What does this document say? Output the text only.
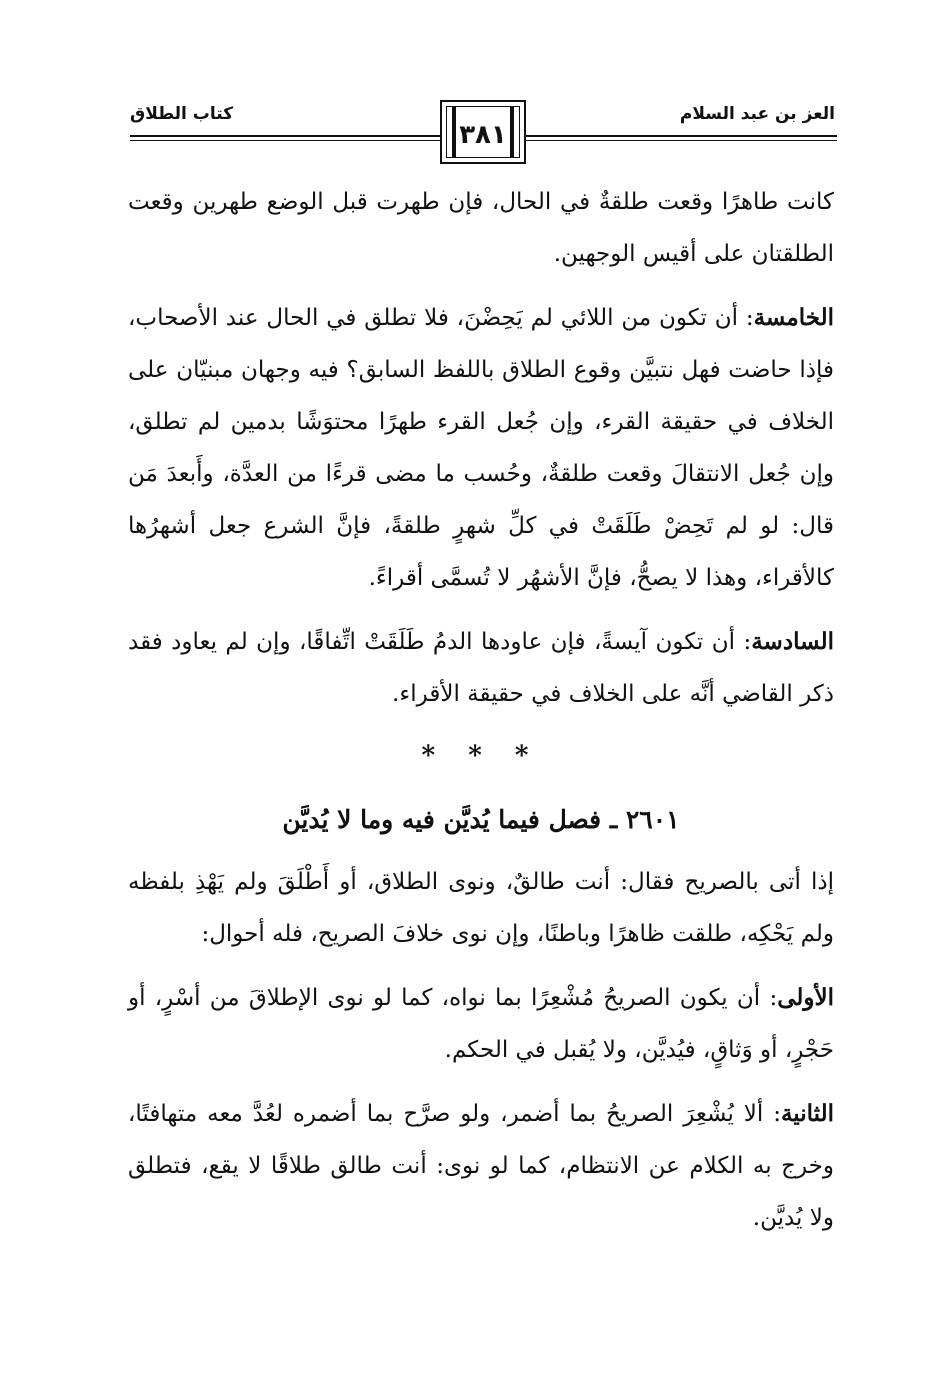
العز بن عبد السلام
كتاب الطلاق
٣٨١

كانت طاهرًا وقعت طلقةٌ في الحال، فإن طهرت قبل الوضع طهرين وقعت الطلقتان على أقيس الوجهين.

الخامسة: أن تكون من اللائي لم يَحِضْنَ، فلا تطلق في الحال عند الأصحاب، فإذا حاضت فهل نتبيَّن وقوع الطلاق باللفظ السابق؟ فيه وجهان مبنيّان على الخلاف في حقيقة القرء، وإن جُعل القرء طهرًا محتوَشًا بدمين لم تطلق، وإن جُعل الانتقالَ وقعت طلقةٌ، وحُسب ما مضى قرءًا من العدَّة، وأَبعدَ مَن قال: لو لم تَحِضْ طَلَقَتْ في كلِّ شهرٍ طلقةً، فإنَّ الشرع جعل أشهرُها كالأقراء، وهذا لا يصحُّ، فإنَّ الأشهُر لا تُسمَّى أقراءً.

السادسة: أن تكون آيسةً، فإن عاودها الدمُ طَلَقَتْ اتِّفاقًا، وإن لم يعاود فقد ذكر القاضي أنَّه على الخلاف في حقيقة الأقراء.

* * *
٢٦٠١ ـ فصل فيما يُديَّن فيه وما لا يُديَّن

إذا أتى بالصريح فقال: أنت طالقٌ، ونوى الطلاق، أو أَطْلَقَ ولم يَهْذِ بلفظه ولم يَحْكِه، طلقت ظاهرًا وباطنًا، وإن نوى خلافَ الصريح، فله أحوال:

الأولى: أن يكون الصريحُ مُشْعِرًا بما نواه، كما لو نوى الإطلاقَ من أسْرٍ، أو حَجْرٍ، أو وَثاقٍ، فيُديَّن، ولا يُقبل في الحكم.

الثانية: ألا يُشْعِرَ الصريحُ بما أضمر، ولو صرَّح بما أضمره لعُدَّ معه متهافتًا، وخرج به الكلام عن الانتظام، كما لو نوى: أنت طالق طلاقًا لا يقع، فتطلق ولا يُديَّن.
